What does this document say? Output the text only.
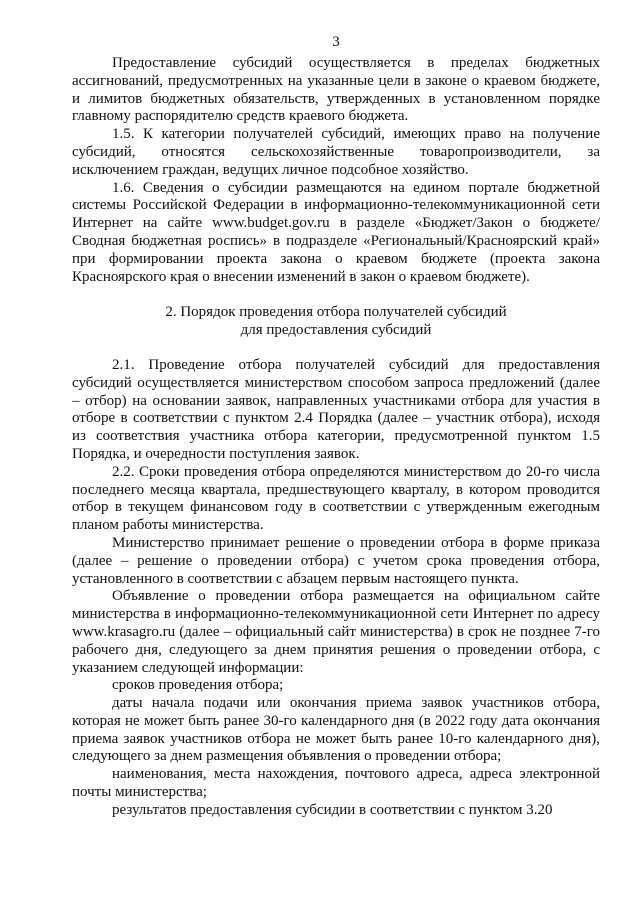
3

Предоставление субсидий осуществляется в пределах бюджетных ассигнований, предусмотренных на указанные цели в законе о краевом бюджете, и лимитов бюджетных обязательств, утвержденных в установленном порядке главному распорядителю средств краевого бюджета.

1.5. К категории получателей субсидий, имеющих право на получение субсидий, относятся сельскохозяйственные товаропроизводители, за исключением граждан, ведущих личное подсобное хозяйство.

1.6. Сведения о субсидии размещаются на едином портале бюджетной системы Российской Федерации в информационно-телекоммуникационной сети Интернет на сайте www.budget.gov.ru в разделе «Бюджет/Закон о бюджете/Сводная бюджетная роспись» в подразделе «Региональный/Красноярский край» при формировании проекта закона о краевом бюджете (проекта закона Красноярского края о внесении изменений в закон о краевом бюджете).

2. Порядок проведения отбора получателей субсидий

для предоставления субсидий

2.1. Проведение отбора получателей субсидий для предоставления субсидий осуществляется министерством способом запроса предложений (далее – отбор) на основании заявок, направленных участниками отбора для участия в отборе в соответствии с пунктом 2.4 Порядка (далее – участник отбора), исходя из соответствия участника отбора категории, предусмотренной пунктом 1.5 Порядка, и очередности поступления заявок.

2.2. Сроки проведения отбора определяются министерством до 20-го числа последнего месяца квартала, предшествующего кварталу, в котором проводится отбор в текущем финансовом году в соответствии с утвержденным ежегодным планом работы министерства.

Министерство принимает решение о проведении отбора в форме приказа (далее – решение о проведении отбора) с учетом срока проведения отбора, установленного в соответствии с абзацем первым настоящего пункта.

Объявление о проведении отбора размещается на официальном сайте министерства в информационно-телекоммуникационной сети Интернет по адресу www.krasagro.ru (далее – официальный сайт министерства) в срок не позднее 7-го рабочего дня, следующего за днем принятия решения о проведении отбора, с указанием следующей информации:

сроков проведения отбора;

даты начала подачи или окончания приема заявок участников отбора, которая не может быть ранее 30-го календарного дня (в 2022 году дата окончания приема заявок участников отбора не может быть ранее 10-го календарного дня), следующего за днем размещения объявления о проведении отбора;

наименования, места нахождения, почтового адреса, адреса электронной почты министерства;

результатов предоставления субсидии в соответствии с пунктом 3.20
